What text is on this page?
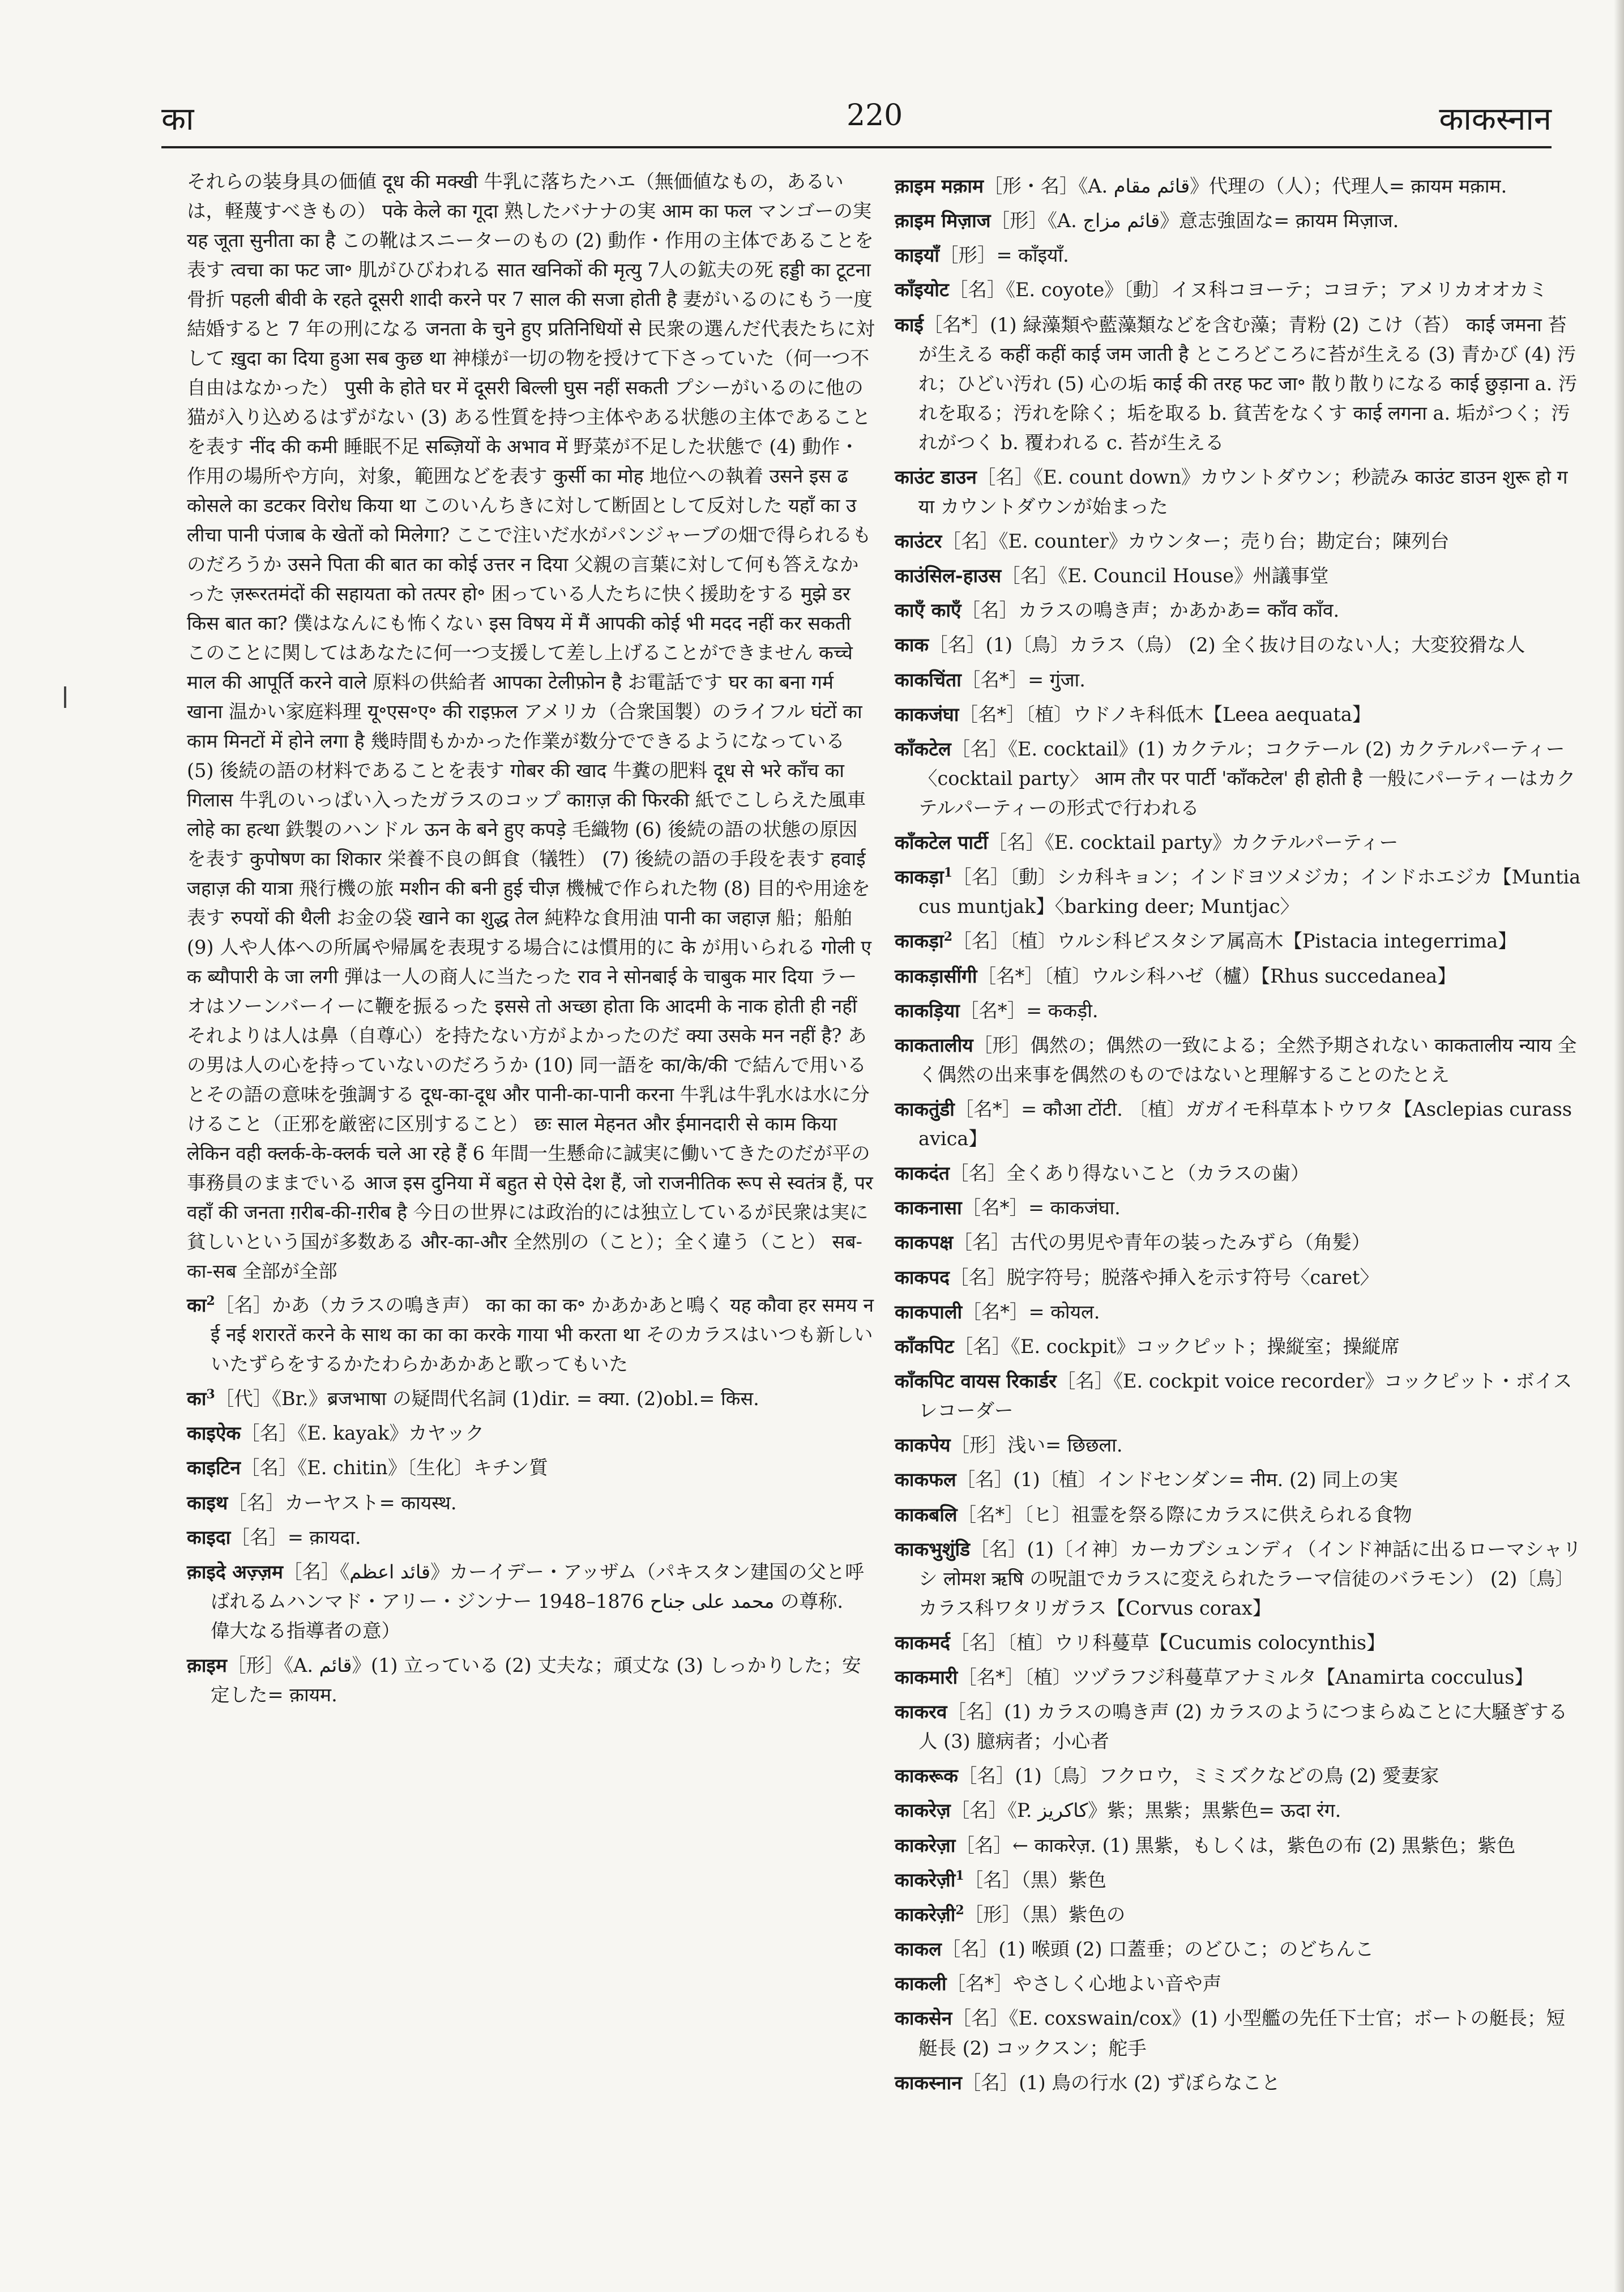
का	220	काकस्नान

それらの装身具の価値 दूध की मक्खी 牛乳に落ちたハエ（無価値なもの，あるいは，軽蔑すべきもの） पके केले का गूदा 熟したバナナの実 आम का फल マンゴーの実 यह जूता सुनीता का है この靴はスニーターのもの (2) 動作・作用の主体であることを表す त्वचा का फट जा॰ 肌がひびわれる सात खनिकों की मृत्यु 7人の鉱夫の死 हड्डी का टूटना 骨折 पहली बीवी के रहते दूसरी शादी करने पर 7 साल की सजा होती है 妻がいるのにもう一度結婚すると 7 年の刑になる जनता के चुने हुए प्रतिनिधियों से 民衆の選んだ代表たちに対して ख़ुदा का दिया हुआ सब कुछ था 神様が一切の物を授けて下さっていた（何一つ不自由はなかった） पुसी के होते घर में दूसरी बिल्ली घुस नहीं सकती プシーがいるのに他の猫が入り込めるはずがない (3) ある性質を持つ主体やある状態の主体であることを表す नींद की कमी 睡眠不足 सब्ज़ियों के अभाव में 野菜が不足した状態で (4) 動作・作用の場所や方向，対象，範囲などを表す कुर्सी का मोह 地位への執着 उसने इस ढकोसले का डटकर विरोध किया था このいんちきに対して断固として反対した यहाँ का उलीचा पानी पंजाब के खेतों को मिलेगा? ここで注いだ水がパンジャーブの畑で得られるものだろうか उसने पिता की बात का कोई उत्तर न दिया 父親の言葉に対して何も答えなかった ज़रूरतमंदों की सहायता को तत्पर हो॰ 困っている人たちに快く援助をする मुझे डर किस बात का? 僕はなんにも怖くない इस विषय में मैं आपकी कोई भी मदद नहीं कर सकती このことに関してはあなたに何一つ支援して差し上げることができません कच्चे माल की आपूर्ति करने वाले 原料の供給者 आपका टेलीफ़ोन है お電話です घर का बना गर्म खाना 温かい家庭料理 यू॰एस॰ए॰ की राइफ़ल アメリカ（合衆国製）のライフル घंटों का काम मिनटों में होने लगा है 幾時間もかかった作業が数分でできるようになっている (5) 後続の語の材料であることを表す गोबर की खाद 牛糞の肥料 दूध से भरे काँच का गिलास 牛乳のいっぱい入ったガラスのコップ काग़ज़ की फिरकी 紙でこしらえた風車 लोहे का हत्था 鉄製のハンドル ऊन के बने हुए कपड़े 毛織物 (6) 後続の語の状態の原因を表す कुपोषण का शिकार 栄養不良の餌食（犠牲） (7) 後続の語の手段を表す हवाई जहाज़ की यात्रा 飛行機の旅 मशीन की बनी हुई चीज़ 機械で作られた物 (8) 目的や用途を表す रुपयों की थैली お金の袋 खाने का शुद्ध तेल 純粋な食用油 पानी का जहाज़ 船；船舶 (9) 人や人体への所属や帰属を表現する場合には慣用的に के が用いられる गोली एक ब्यौपारी के जा लगी 弾は一人の商人に当たった राव ने सोनबाई के चाबुक मार दिया ラーオはソーンバーイーに鞭を振るった इससे तो अच्छा होता कि आदमी के नाक होती ही नहीं それよりは人は鼻（自尊心）を持たない方がよかったのだ क्या उसके मन नहीं है? あの男は人の心を持っていないのだろうか (10) 同一語を का/के/की で結んで用いるとその語の意味を強調する दूध-का-दूध और पानी-का-पानी करना 牛乳は牛乳水は水に分けること（正邪を厳密に区別すること） छः साल मेहनत और ईमानदारी से काम किया लेकिन वही क्लर्क-के-क्लर्क चले आ रहे हैं 6 年間一生懸命に誠実に働いてきたのだが平の事務員のままでいる आज इस दुनिया में बहुत से ऐसे देश हैं, जो राजनीतिक रूप से स्वतंत्र हैं, पर वहाँ की जनता ग़रीब-की-ग़रीब है 今日の世界には政治的には独立しているが民衆は実に貧しいという国が多数ある और-का-और 全然別の（こと）；全く違う（こと） सब-का-सब 全部が全部

का$^2$［名］かあ（カラスの鳴き声） का का का क॰ かあかあと鳴く यह कौवा हर समय नई नई शरारतें करने के साथ का का का करके गाया भी करता था そのカラスはいつも新しいいたずらをするかたわらかあかあと歌ってもいた

का$^3$［代］《Br.》ब्रजभाषा の疑問代名詞 (1)dir. = क्या. (2)obl.= किस.

काइऐक［名］《E. kayak》カヤック

काइटिन［名］《E. chitin》〔生化〕キチン質

काइथ［名］カーヤスト= कायस्थ.

काइदा［名］= क़ायदा.

क़ाइदे अज़्ज़म［名］《قائد اعظم》カーイデー・アッザム（パキスタン建国の父と呼ばれるムハンマド・アリー・ジンナー محمد علی جناح 1876–1948 の尊称．偉大なる指導者の意）

क़ाइम［形］《A. قائم》(1) 立っている (2) 丈夫な；頑丈な (3) しっかりした；安定した= क़ायम.

क़ाइम मक़ाम［形・名］《A. قائم مقام》代理の（人）；代理人= क़ायम मक़ाम.

क़ाइम मिज़ाज［形］《A. قائم مزاج》意志強固な= क़ायम मिज़ाज.

काइयाँ［形］= काँइयाँ.

काँइयोट［名］《E. coyote》〔動〕イヌ科コヨーテ；コヨテ；アメリカオオカミ

काई［名*］(1) 緑藻類や藍藻類などを含む藻；青粉 (2) こけ（苔） काई जमना 苔が生える कहीं कहीं काई जम जाती है ところどころに苔が生える (3) 青かび (4) 汚れ；ひどい汚れ (5) 心の垢 काई की तरह फट जा॰ 散り散りになる काई छुड़ाना a. 汚れを取る；汚れを除く；垢を取る b. 貧苦をなくす काई लगना a. 垢がつく；汚れがつく b. 覆われる c. 苔が生える

काउंट डाउन［名］《E. count down》カウントダウン；秒読み काउंट डाउन शुरू हो गया カウントダウンが始まった

काउंटर［名］《E. counter》カウンター；売り台；勘定台；陳列台

काउंसिल-हाउस［名］《E. Council House》州議事堂

काएँ काएँ［名］カラスの鳴き声；かあかあ= काँव काँव.

काक［名］(1)〔鳥〕カラス（烏） (2) 全く抜け目のない人；大変狡猾な人

काकचिंता［名*］= गुंजा.

काकजंघा［名*］〔植〕ウドノキ科低木【Leea aequata】

काँकटेल［名］《E. cocktail》(1) カクテル；コクテール (2) カクテルパーティー〈cocktail party〉 आम तौर पर पार्टी 'काँकटेल' ही होती है 一般にパーティーはカクテルパーティーの形式で行われる

काँकटेल पार्टी［名］《E. cocktail party》カクテルパーティー

काकड़ा$^1$［名］〔動〕シカ科キョン；インドヨツメジカ；インドホエジカ【Muntiacus muntjak】〈barking deer; Muntjac〉

काकड़ा$^2$［名］〔植〕ウルシ科ピスタシア属高木【Pistacia integerrima】

काकड़ासींगी［名*］〔植〕ウルシ科ハゼ（櫨）【Rhus succedanea】

काकड़िया［名*］= ककड़ी.

काकतालीय［形］偶然の；偶然の一致による；全然予期されない काकतालीय न्याय 全く偶然の出来事を偶然のものではないと理解することのたとえ

काकतुंडी［名*］= कौआ टोंटी. 〔植〕ガガイモ科草本トウワタ【Asclepias curassavica】

काकदंत［名］全くあり得ないこと（カラスの歯）

काकनासा［名*］= काकजंघा.

काकपक्ष［名］古代の男児や青年の装ったみずら（角髪）

काकपद［名］脱字符号；脱落や挿入を示す符号〈caret〉

काकपाली［名*］= कोयल.

काँकपिट［名］《E. cockpit》コックピット；操縦室；操縦席

काँकपिट वायस रिकार्डर［名］《E. cockpit voice recorder》コックピット・ボイスレコーダー

काकपेय［形］浅い= छिछला.

काकफल［名］(1)〔植〕インドセンダン= नीम. (2) 同上の実

काकबलि［名*］〔ヒ〕祖霊を祭る際にカラスに供えられる食物

काकभुशुंडि［名］(1)〔イ神〕カーカブシュンディ（インド神話に出るローマシャリシ लोमश ऋषि の呪詛でカラスに変えられたラーマ信徒のバラモン） (2)〔鳥〕カラス科ワタリガラス【Corvus corax】

काकमर्द［名］〔植〕ウリ科蔓草【Cucumis colocynthis】

काकमारी［名*］〔植〕ツヅラフジ科蔓草アナミルタ【Anamirta cocculus】

काकरव［名］(1) カラスの鳴き声 (2) カラスのようにつまらぬことに大騒ぎする人 (3) 臆病者；小心者

काकरूक［名］(1)〔鳥〕フクロウ，ミミズクなどの鳥 (2) 愛妻家

काकरेज़［名］《P. کاکریز》紫；黒紫；黒紫色= ऊदा रंग.

काकरेज़ा［名］← काकरेज़. (1) 黒紫，もしくは，紫色の布 (2) 黒紫色；紫色

काकरेज़ी$^1$［名］（黒）紫色

काकरेज़ी$^2$［形］（黒）紫色の

काकल［名］(1) 喉頭 (2) 口蓋垂；のどひこ；のどちんこ

काकली［名*］やさしく心地よい音や声

काकसेन［名］《E. coxswain/cox》(1) 小型艦の先任下士官；ボートの艇長；短艇長 (2) コックスン；舵手

काकस्नान［名］(1) 鳥の行水 (2) ずぼらなこと
